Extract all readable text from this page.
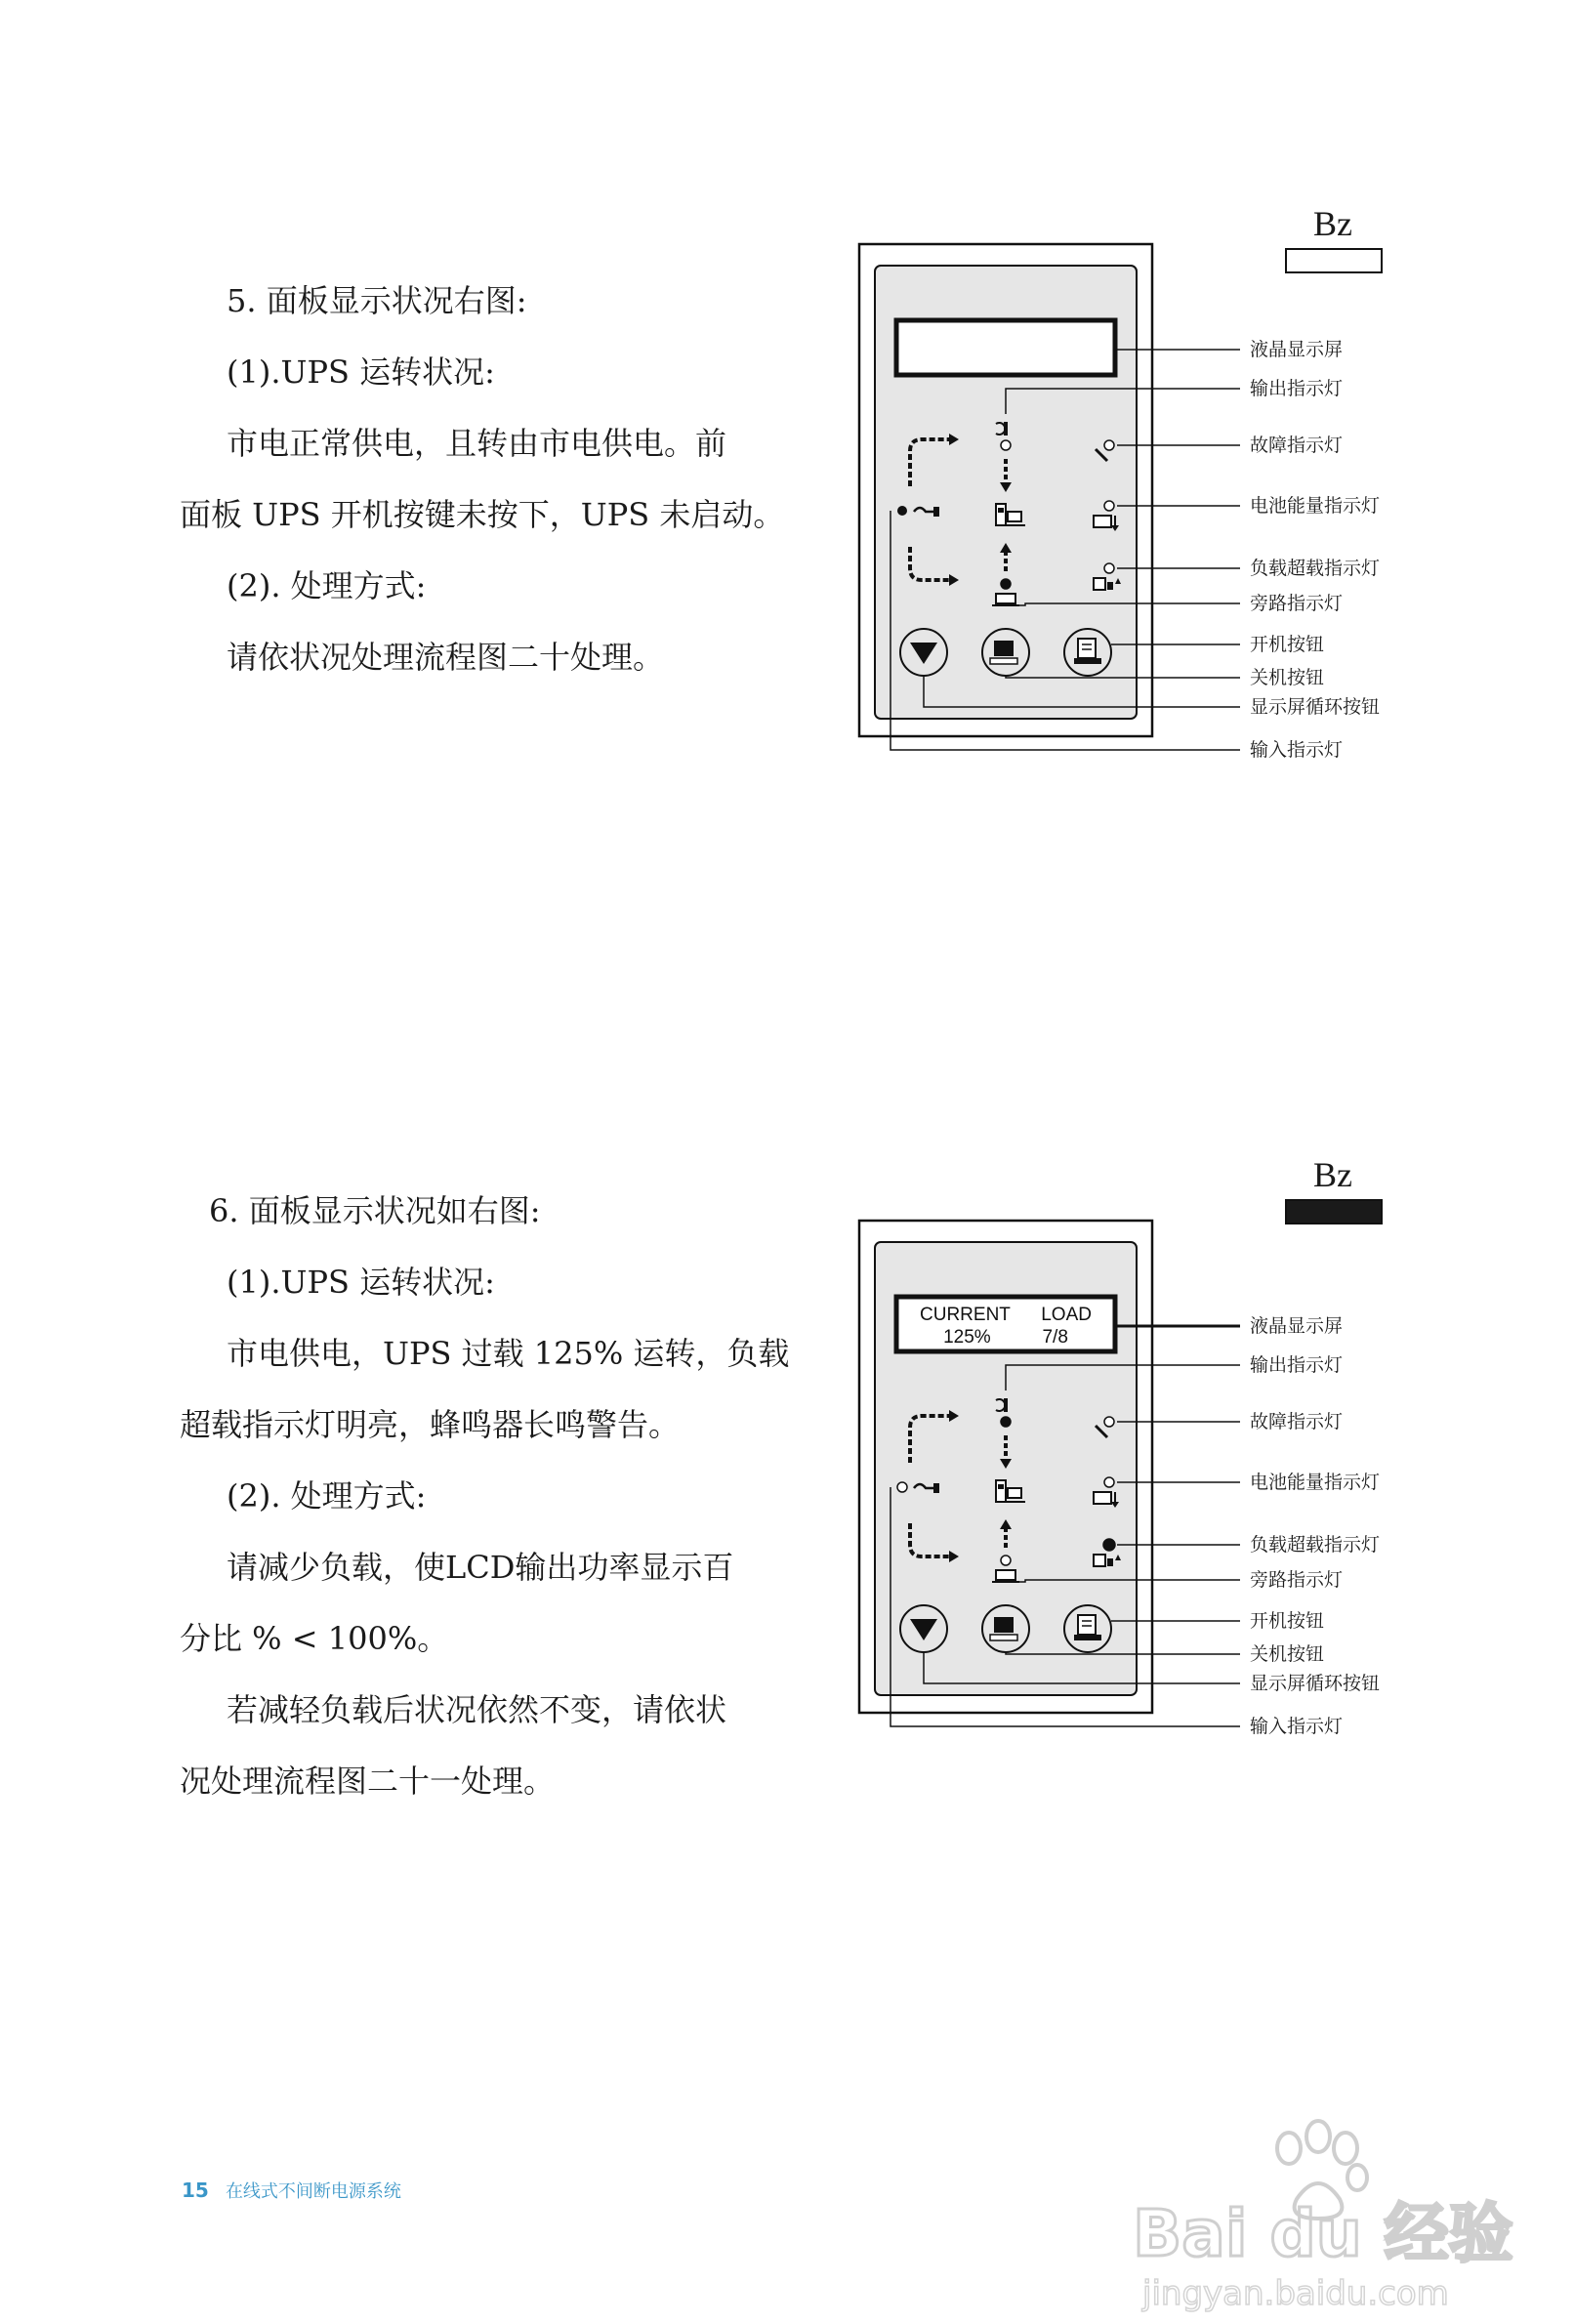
5. 面板显示状况右图:
(1).UPS 运转状况:
市电正常供电，且转由市电供电。前
面板 UPS 开机按键未按下，UPS 未启动。
(2). 处理方式:
请依状况处理流程图二十处理。
Bz
液晶显示屏
输出指示灯
故障指示灯
电池能量指示灯
负载超载指示灯
旁路指示灯
开机按钮
关机按钮
显示屏循环按钮
输入指示灯
6. 面板显示状况如右图:
(1).UPS 运转状况:
市电供电，UPS 过载 125% 运转，负载
超载指示灯明亮，蜂鸣器长鸣警告。
(2). 处理方式:
请减少负载，使LCD输出功率显示百
分比 % < 100%。
若减轻负载后状况依然不变，请依状
况处理流程图二十一处理。
Bz
CURRENT      LOAD
125%          7/8
液晶显示屏
输出指示灯
故障指示灯
电池能量指示灯
负载超载指示灯
旁路指示灯
开机按钮
关机按钮
显示屏循环按钮
输入指示灯
15 在线式不间断电源系统
Bai du 经验
jingyan.baidu.com
